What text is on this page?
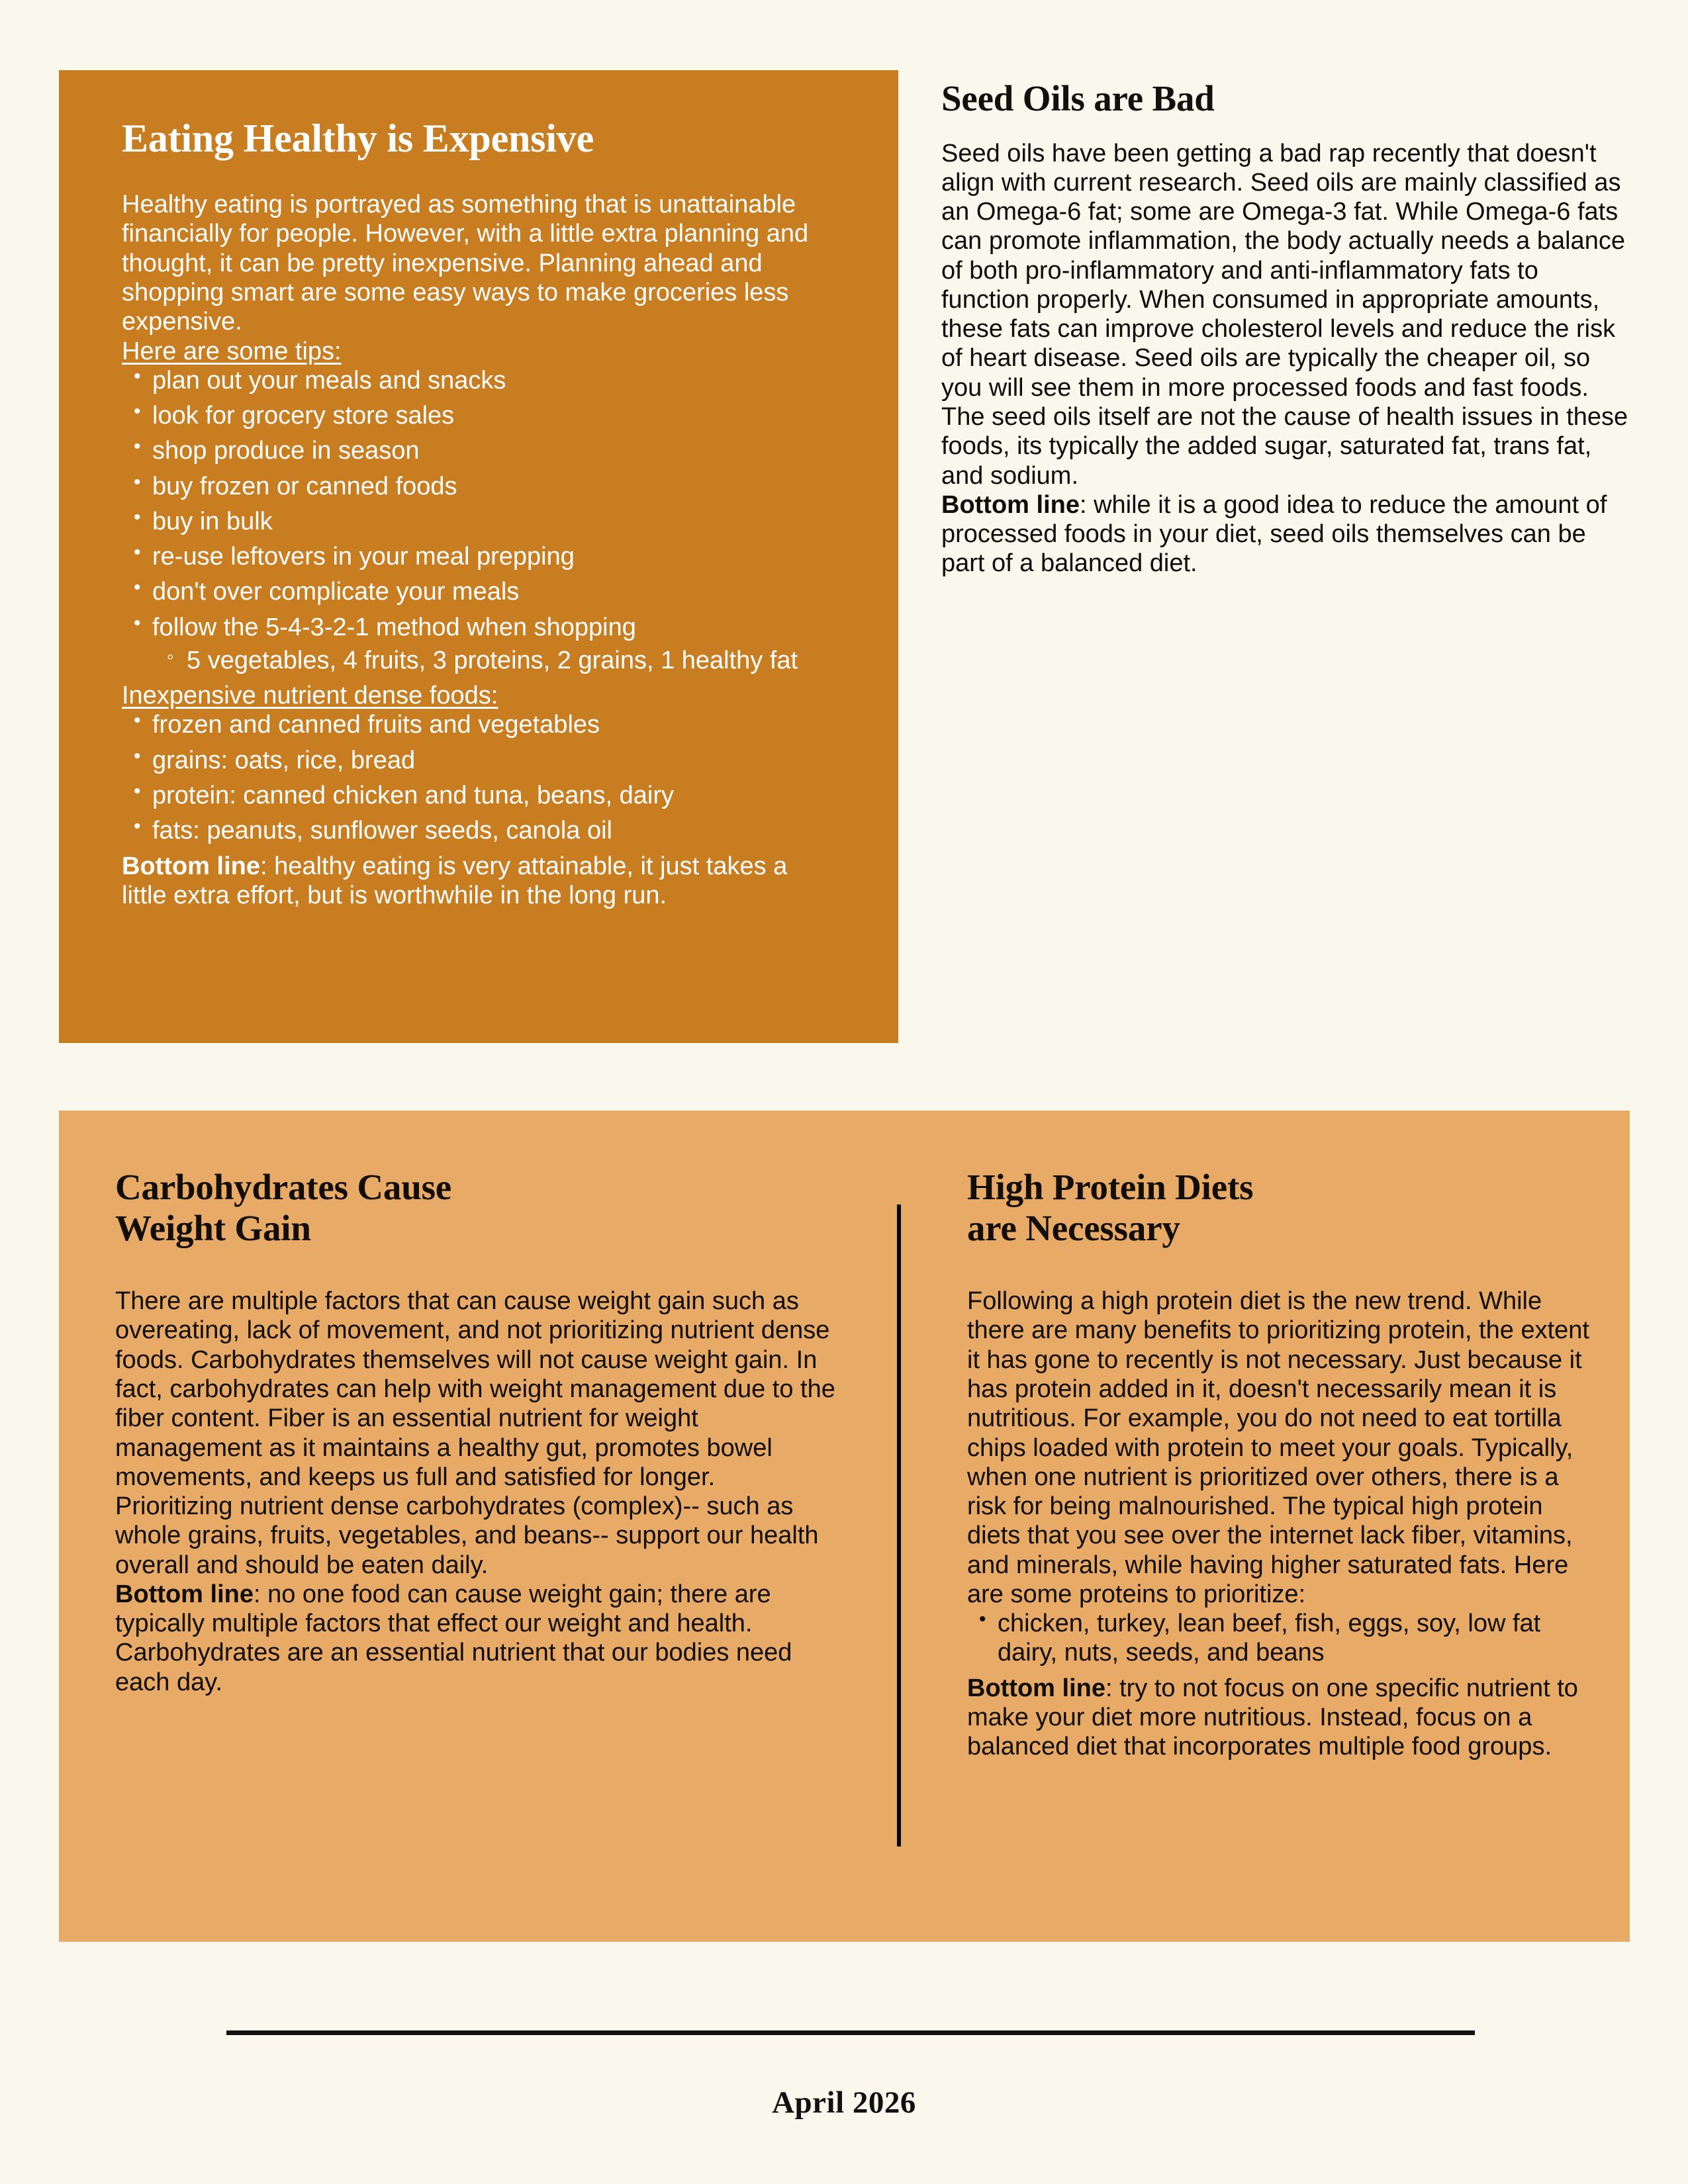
Eating Healthy is Expensive

Healthy eating is portrayed as something that is unattainable financially for people. However, with a little extra planning and thought, it can be pretty inexpensive. Planning ahead and shopping smart are some easy ways to make groceries less expensive.

Here are some tips:
• plan out your meals and snacks
• look for grocery store sales
• shop produce in season
• buy frozen or canned foods
• buy in bulk
• re-use leftovers in your meal prepping
• don't over complicate your meals
• follow the 5-4-3-2-1 method when shopping
◦ 5 vegetables, 4 fruits, 3 proteins, 2 grains, 1 healthy fat
Inexpensive nutrient dense foods:
• frozen and canned fruits and vegetables
• grains: oats, rice, bread
• protein: canned chicken and tuna, beans, dairy
• fats: peanuts, sunflower seeds, canola oil

Bottom line: healthy eating is very attainable, it just takes a little extra effort, but is worthwhile in the long run.

Seed Oils are Bad

Seed oils have been getting a bad rap recently that doesn't align with current research. Seed oils are mainly classified as an Omega-6 fat; some are Omega-3 fat. While Omega-6 fats can promote inflammation, the body actually needs a balance of both pro-inflammatory and anti-inflammatory fats to function properly. When consumed in appropriate amounts, these fats can improve cholesterol levels and reduce the risk of heart disease. Seed oils are typically the cheaper oil, so you will see them in more processed foods and fast foods. The seed oils itself are not the cause of health issues in these foods, its typically the added sugar, saturated fat, trans fat, and sodium.

Bottom line: while it is a good idea to reduce the amount of processed foods in your diet, seed oils themselves can be part of a balanced diet.

Carbohydrates Cause
Weight Gain

There are multiple factors that can cause weight gain such as overeating, lack of movement, and not prioritizing nutrient dense foods. Carbohydrates themselves will not cause weight gain. In fact, carbohydrates can help with weight management due to the fiber content. Fiber is an essential nutrient for weight management as it maintains a healthy gut, promotes bowel movements, and keeps us full and satisfied for longer. Prioritizing nutrient dense carbohydrates (complex)-- such as whole grains, fruits, vegetables, and beans-- support our health overall and should be eaten daily.

Bottom line: no one food can cause weight gain; there are typically multiple factors that effect our weight and health. Carbohydrates are an essential nutrient that our bodies need each day.

High Protein Diets
are Necessary

Following a high protein diet is the new trend. While there are many benefits to prioritizing protein, the extent it has gone to recently is not necessary. Just because it has protein added in it, doesn't necessarily mean it is nutritious. For example, you do not need to eat tortilla chips loaded with protein to meet your goals. Typically, when one nutrient is prioritized over others, there is a risk for being malnourished. The typical high protein diets that you see over the internet lack fiber, vitamins, and minerals, while having higher saturated fats. Here are some proteins to prioritize:

• chicken, turkey, lean beef, fish, eggs, soy, low fat dairy, nuts, seeds, and beans

Bottom line: try to not focus on one specific nutrient to make your diet more nutritious. Instead, focus on a balanced diet that incorporates multiple food groups.

April 2026
